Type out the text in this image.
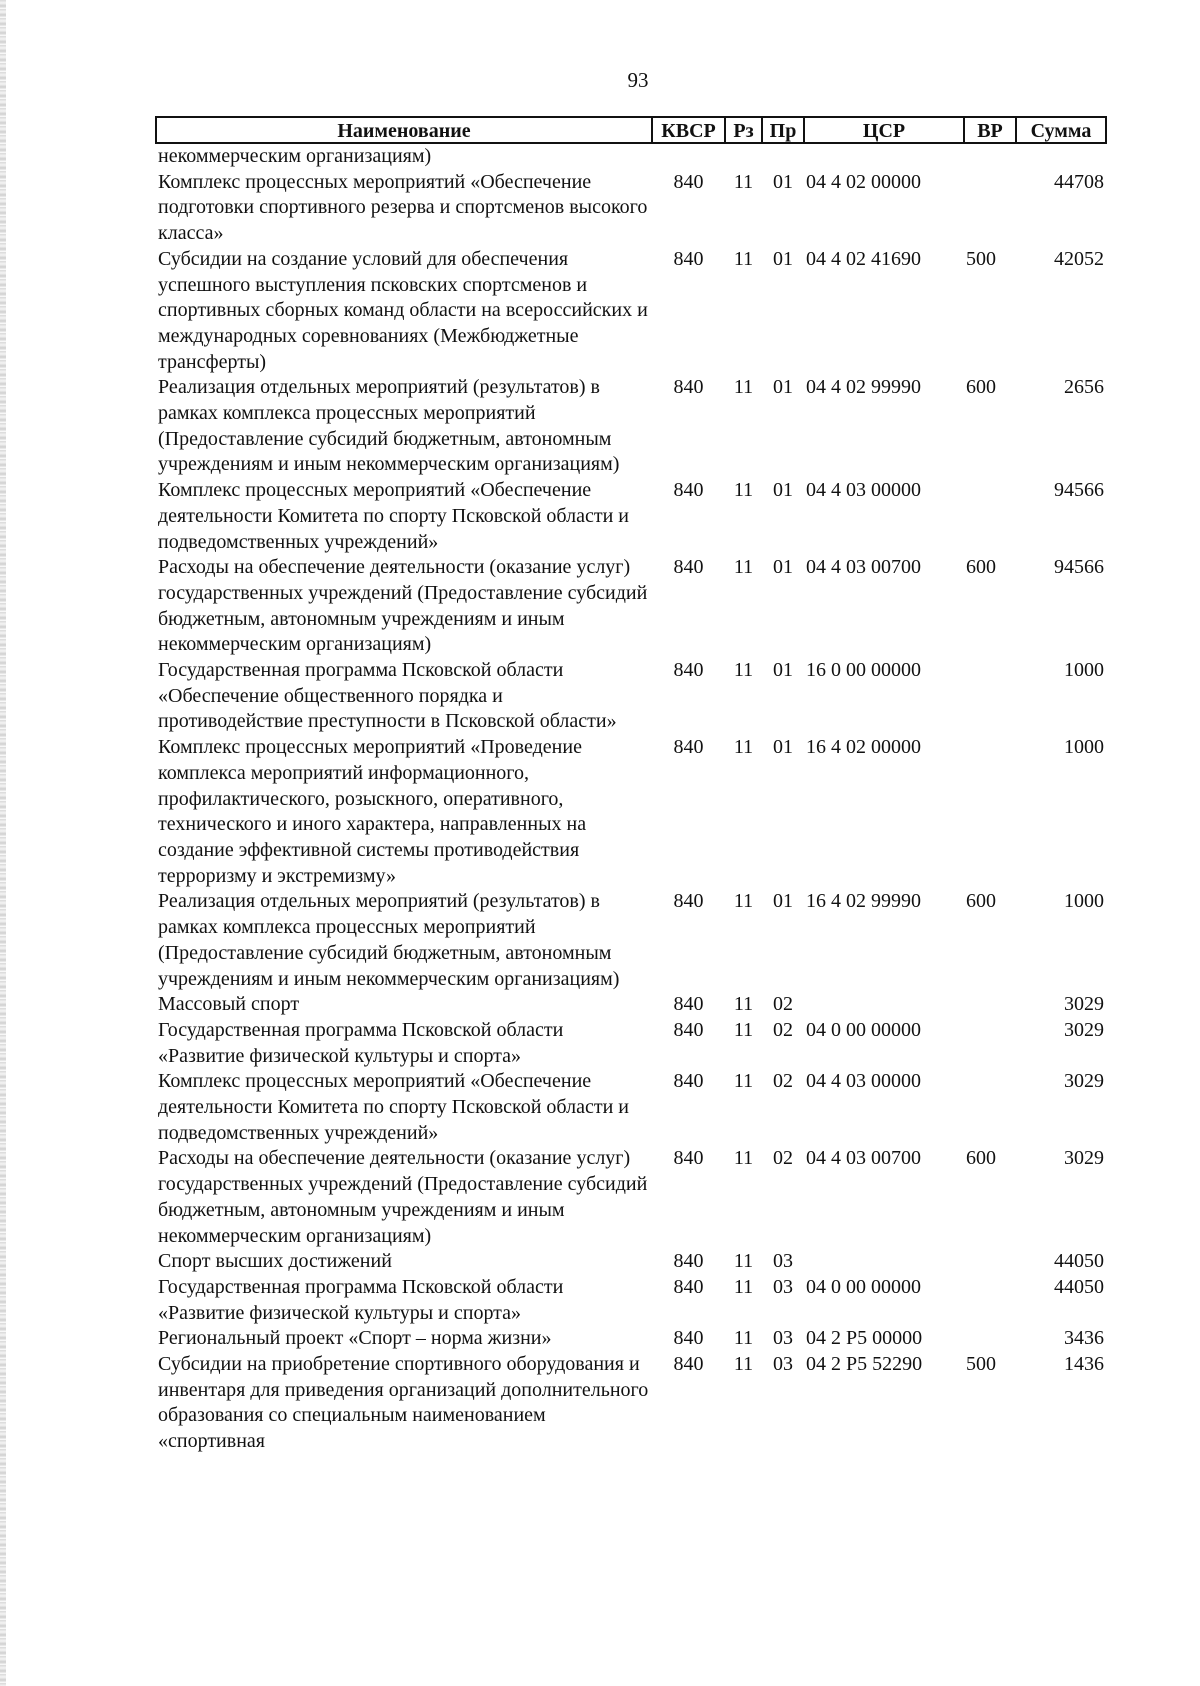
93
Наименование	КВСР	Рз	Пр	ЦСР	ВР	Сумма
некоммерческим организациям)						
Комплекс процессных мероприятий «Обеспечение подготовки спортивного резерва и спортсменов высокого класса»	840	11	01	04 4 02 00000		44708
Субсидии на создание условий для обеспечения успешного выступления псковских спортсменов и спортивных сборных команд области на всероссийских и международных соревнованиях (Межбюджетные трансферты)	840	11	01	04 4 02 41690	500	42052
Реализация отдельных мероприятий (результатов) в рамках комплекса процессных мероприятий (Предоставление субсидий бюджетным, автономным учреждениям и иным некоммерческим организациям)	840	11	01	04 4 02 99990	600	2656
Комплекс процессных мероприятий «Обеспечение деятельности Комитета по спорту Псковской области и подведомственных учреждений»	840	11	01	04 4 03 00000		94566
Расходы на обеспечение деятельности (оказание услуг) государственных учреждений (Предоставление субсидий бюджетным, автономным учреждениям и иным некоммерческим организациям)	840	11	01	04 4 03 00700	600	94566
Государственная программа Псковской области «Обеспечение общественного порядка и противодействие преступности в Псковской области»	840	11	01	16 0 00 00000		1000
Комплекс процессных мероприятий «Проведение комплекса мероприятий информационного, профилактического, розыскного, оперативного, технического и иного характера, направленных на создание эффективной системы противодействия терроризму и экстремизму»	840	11	01	16 4 02 00000		1000
Реализация отдельных мероприятий (результатов) в рамках комплекса процессных мероприятий (Предоставление субсидий бюджетным, автономным учреждениям и иным некоммерческим организациям)	840	11	01	16 4 02 99990	600	1000
Массовый спорт	840	11	02			3029
Государственная программа Псковской области «Развитие физической культуры и спорта»	840	11	02	04 0 00 00000		3029
Комплекс процессных мероприятий «Обеспечение деятельности Комитета по спорту Псковской области и подведомственных учреждений»	840	11	02	04 4 03 00000		3029
Расходы на обеспечение деятельности (оказание услуг) государственных учреждений (Предоставление субсидий бюджетным, автономным учреждениям и иным некоммерческим организациям)	840	11	02	04 4 03 00700	600	3029
Спорт высших достижений	840	11	03			44050
Государственная программа Псковской области «Развитие физической культуры и спорта»	840	11	03	04 0 00 00000		44050
Региональный проект «Спорт – норма жизни»	840	11	03	04 2 P5 00000		3436
Субсидии на приобретение спортивного оборудования и инвентаря для приведения организаций дополнительного образования со специальным наименованием «спортивная	840	11	03	04 2 P5 52290	500	1436
